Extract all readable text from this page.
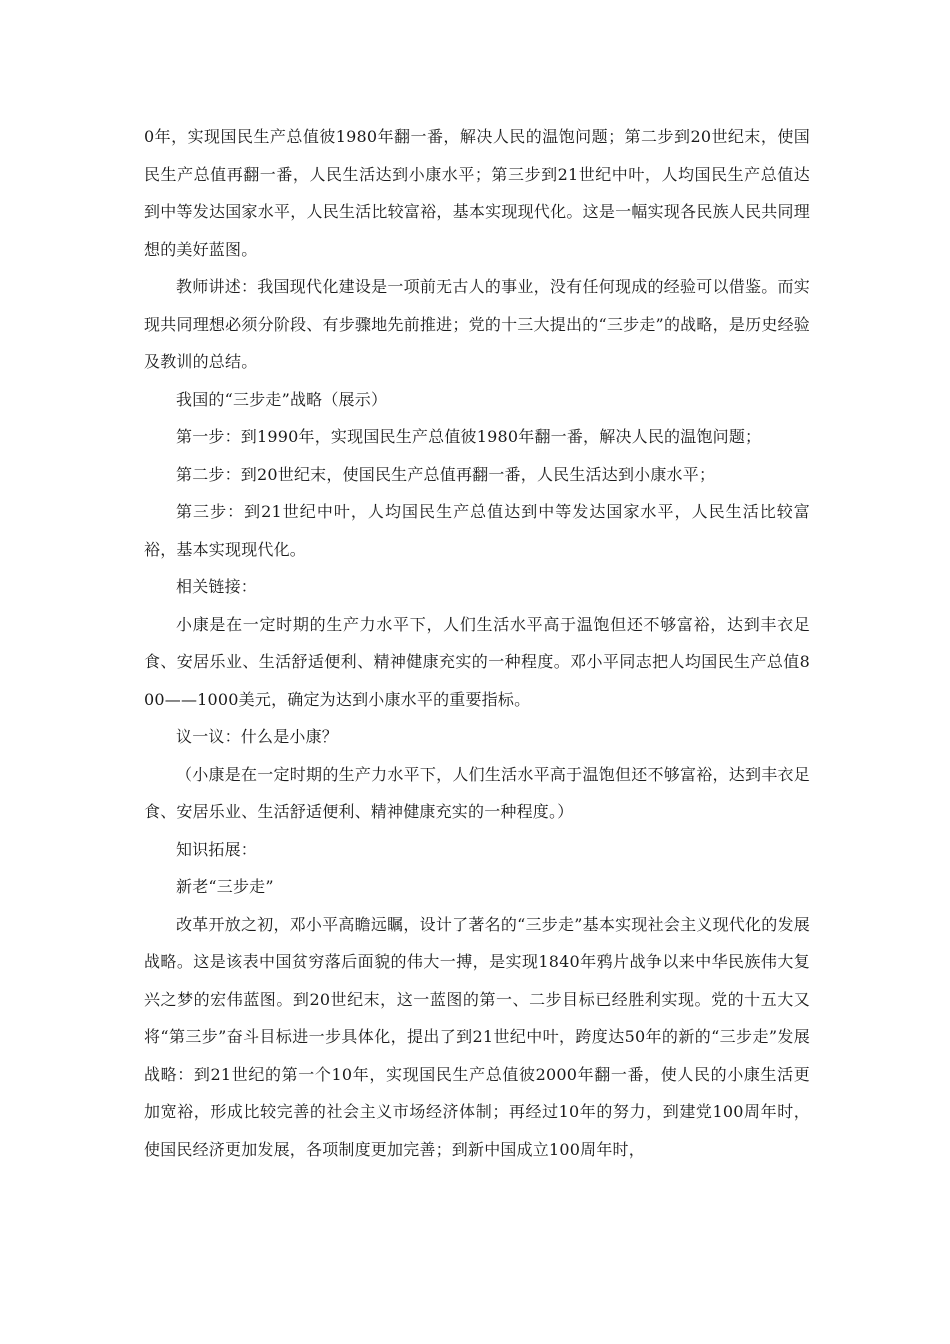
0年，实现国民生产总值彼1980年翻一番，解决人民的温饱问题；第二步到20世纪末，使国民生产总值再翻一番，人民生活达到小康水平；第三步到21世纪中叶，人均国民生产总值达到中等发达国家水平，人民生活比较富裕，基本实现现代化。这是一幅实现各民族人民共同理想的美好蓝图。

教师讲述：我国现代化建设是一项前无古人的事业，没有任何现成的经验可以借鉴。而实现共同理想必须分阶段、有步骤地先前推进；党的十三大提出的“三步走”的战略，是历史经验及教训的总结。

我国的“三步走”战略（展示）

第一步：到1990年，实现国民生产总值彼1980年翻一番，解决人民的温饱问题；

第二步：到20世纪末，使国民生产总值再翻一番，人民生活达到小康水平；

第三步：到21世纪中叶，人均国民生产总值达到中等发达国家水平，人民生活比较富裕，基本实现现代化。

相关链接：

小康是在一定时期的生产力水平下，人们生活水平高于温饱但还不够富裕，达到丰衣足食、安居乐业、生活舒适便利、精神健康充实的一种程度。邓小平同志把人均国民生产总值800——1000美元，确定为达到小康水平的重要指标。

议一议：什么是小康？

（小康是在一定时期的生产力水平下，人们生活水平高于温饱但还不够富裕，达到丰衣足食、安居乐业、生活舒适便利、精神健康充实的一种程度。）

知识拓展：

新老“三步走”

改革开放之初，邓小平高瞻远瞩，设计了著名的“三步走”基本实现社会主义现代化的发展战略。这是该表中国贫穷落后面貌的伟大一搏，是实现1840年鸦片战争以来中华民族伟大复兴之梦的宏伟蓝图。到20世纪末，这一蓝图的第一、二步目标已经胜利实现。党的十五大又将“第三步”奋斗目标进一步具体化，提出了到21世纪中叶，跨度达50年的新的“三步走”发展战略：到21世纪的第一个10年，实现国民生产总值彼2000年翻一番，使人民的小康生活更加宽裕，形成比较完善的社会主义市场经济体制；再经过10年的努力，到建党100周年时，使国民经济更加发展，各项制度更加完善；到新中国成立100周年时，
